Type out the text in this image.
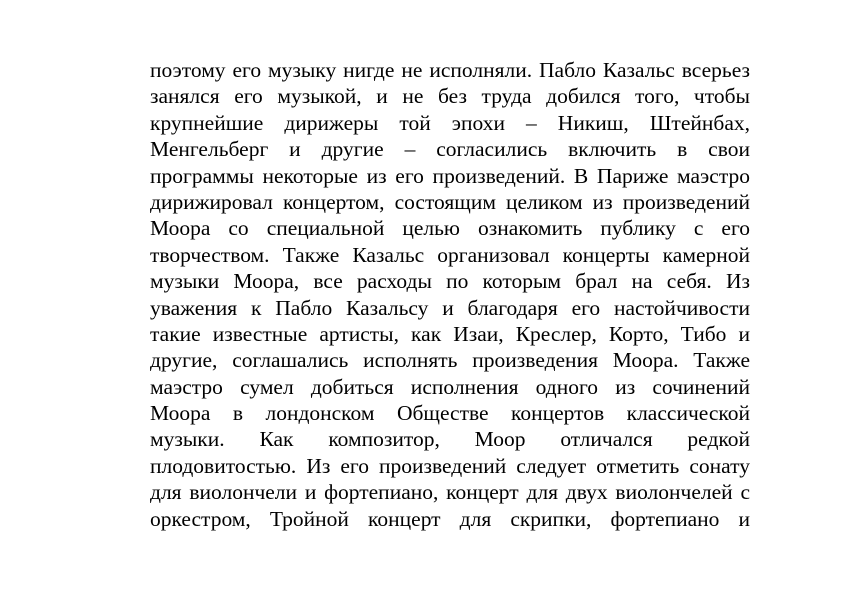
поэтому его музыку нигде не исполняли. Пабло Казальс всерьез
занялся его музыкой, и не без труда добился того, чтобы
крупнейшие дирижеры той эпохи – Никиш, Штейнбах,
Менгельберг и другие – согласились включить в свои
программы некоторые из его произведений. В Париже маэстро
дирижировал концертом, состоящим целиком из произведений
Моора со специальной целью ознакомить публику с его
творчеством. Также Казальс организовал концерты камерной
музыки Моора, все расходы по которым брал на себя. Из
уважения к Пабло Казальсу и благодаря его настойчивости
такие известные артисты, как Изаи, Креслер, Корто, Тибо и
другие, соглашались исполнять произведения Моора. Также
маэстро сумел добиться исполнения одного из сочинений
Моора в лондонском Обществе концертов классической
музыки. Как композитор, Моор отличался редкой
плодовитостью. Из его произведений следует отметить сонату
для виолончели и фортепиано, концерт для двух виолончелей с
оркестром, Тройной концерт для скрипки, фортепиано и
